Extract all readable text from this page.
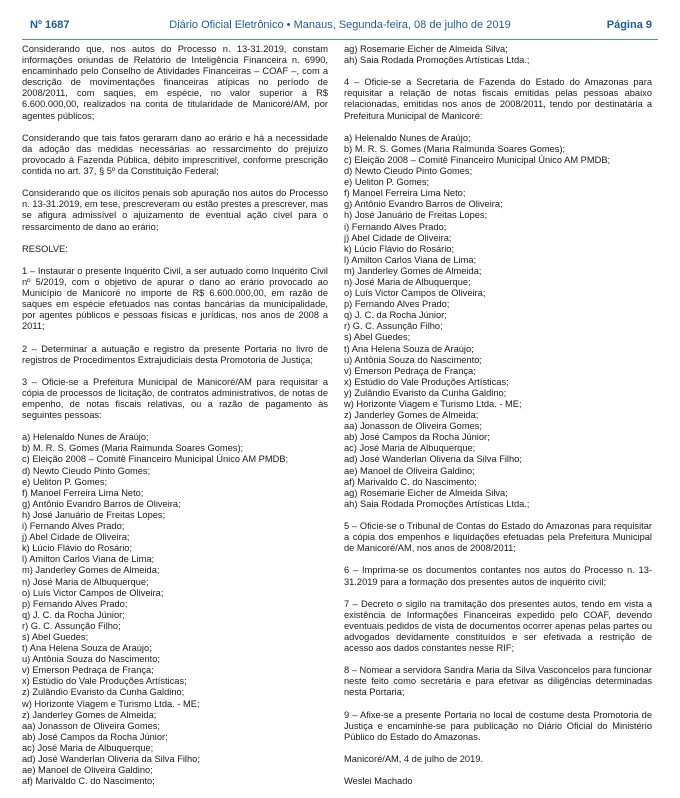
Diário Oficial Eletrônico • Manaus, Segunda-feira, 08 de julho de 2019
Nº 1687	Página 9

Considerando que, nos autos do Processo n. 13-31.2019, constam informações oriundas de Relatório de Inteligência Financeira n. 6990, encaminhado pelo Conselho de Atividades Financeiras – COAF –, com a descrição de movimentações financeiras atípicas no período de 2008/2011, com saques, em espécie, no valor superior a R$ 6.600.000,00, realizados na conta de titularidade de Manicoré/AM, por agentes públicos;

Considerando que tais fatos geraram dano ao erário e há a necessidade da adoção das medidas necessárias ao ressarcimento do prejuízo provocado à Fazenda Pública, débito imprescritível, conforme prescrição contida no art. 37, § 5º da Constituição Federal;

Considerando que os ilícitos penais sob apuração nos autos do Processo n. 13-31.2019, em tese, prescreveram ou estão prestes a prescrever, mas se afigura admissível o ajuizamento de eventual ação cível para o ressarcimento de dano ao erário;

RESOLVE:

1 – Instaurar o presente Inquérito Civil, a ser autuado como Inquérito Civil nº 5/2019, com o objetivo de apurar o dano ao erário provocado ao Município de Manicoré no importe de R$ 6.600.000,00, em razão de saques em espécie efetuados nas contas bancárias da municipalidade, por agentes públicos e pessoas físicas e jurídicas, nos anos de 2008 a 2011;

2 – Determinar a autuação e registro da presente Portaria no livro de registros de Procedimentos Extrajudiciais desta Promotoria de Justiça;

3 – Oficie-se a Prefeitura Municipal de Manicoré/AM para requisitar a cópia de processos de licitação, de contratos administrativos, de notas de empenho, de notas fiscais relativas, ou a razão de pagamento às seguintes pessoas:

a) Helenaldo Nunes de Araújo;
b) M. R. S. Gomes (Maria Raimunda Soares Gomes);
c) Eleição 2008 – Comitê Financeiro Municipal Único AM PMDB;
d) Newto Cieudo Pinto Gomes;
e) Ueliton P. Gomes;
f) Manoel Ferreira Lima Neto;
g) Antônio Evandro Barros de Oliveira;
h) José Januário de Freitas Lopes;
i) Fernando Alves Prado;
j) Abel Cidade de Oliveira;
k) Lúcio Flávio do Rosário;
l) Amilton Carlos Viana de Lima;
m) Janderley Gomes de Almeida;
n) José Maria de Albuquerque;
o) Luís Victor Campos de Oliveira;
p) Fernando Alves Prado;
q) J. C. da Rocha Júnior;
r) G. C. Assunção Filho;
s) Abel Guedes;
t) Ana Helena Souza de Araújo;
u) Antônia Souza do Nascimento;
v) Emerson Pedraça de França;
x) Estúdio do Vale Produções Artísticas;
z) Zulândio Evaristo da Cunha Galdino;
w) Horizonte Viagem e Turismo Ltda. - ME;
z) Janderley Gomes de Almeida;
aa) Jonasson de Oliveira Gomes;
ab) José Campos da Rocha Júnior;
ac) José Maria de Albuquerque;
ad) José Wanderlan Oliveria da Silva Filho;
ae) Manoel de Oliveira Galdino;
af) Marivaldo C. do Nascimento;
ag) Rosemarie Eicher de Almeida Silva;
ah) Saia Rodada Promoções Artísticas Ltda.;

4 – Oficie-se a Secretaria de Fazenda do Estado do Amazonas para requisitar a relação de notas fiscais emitidas pelas pessoas abaixo relacionadas, emitidas nos anos de 2008/2011, tendo por destinatária a Prefeitura Municipal de Manicoré:

a) Helenaldo Nunes de Araújo;
b) M. R. S. Gomes (Maria Raimunda Soares Gomes);
c) Eleição 2008 – Comitê Financeiro Municipal Único AM PMDB;
d) Newto Cieudo Pinto Gomes;
e) Ueliton P. Gomes;
f) Manoel Ferreira Lima Neto;
g) Antônio Evandro Barros de Oliveira;
h) José Januário de Freitas Lopes;
i) Fernando Alves Prado;
j) Abel Cidade de Oliveira;
k) Lúcio Flávio do Rosário;
l) Amilton Carlos Viana de Lima;
m) Janderley Gomes de Almeida;
n) José Maria de Albuquerque;
o) Luís Victor Campos de Oliveira;
p) Fernando Alves Prado;
q) J. C. da Rocha Júnior;
r) G. C. Assunção Filho;
s) Abel Guedes;
t) Ana Helena Souza de Araújo;
u) Antônia Souza do Nascimento;
v) Emerson Pedraça de França;
x) Estúdio do Vale Produções Artísticas;
y) Zulândio Evaristo da Cunha Galdino;
w) Horizonte Viagem e Turismo Ltda. - ME;
z) Janderley Gomes de Almeida;
aa) Jonasson de Oliveira Gomes;
ab) José Campos da Rocha Júnior;
ac) José Maria de Albuquerque;
ad) José Wanderlan Oliveria da Silva Filho;
ae) Manoel de Oliveira Galdino;
af) Marivaldo C. do Nascimento;
ag) Rosemarie Eicher de Almeida Silva;
ah) Saia Rodada Promoções Artísticas Ltda.;

5 – Oficie-se o Tribunal de Contas do Estado do Amazonas para requisitar a cópia dos empenhos e liquidações efetuadas pela Prefeitura Municipal de Manicoré/AM, nos anos de 2008/2011;

6 – Imprima-se os documentos contantes nos autos do Processo n. 13-31.2019 para a formação dos presentes autos de inquérito civil;

7 – Decreto o sigilo na tramitação dos presentes autos, tendo em vista a existência de Informações Financeiras expedido pelo COAF, devendo eventuais pedidos de vista de documentos ocorrer apenas pelas partes ou advogados devidamente constituídos e ser efetivada a restrição de acesso aos dados constantes nesse RIF;

8 – Nomear a servidora Sandra Maria da Silva Vasconcelos para funcionar neste feito como secretária e para efetivar as diligências determinadas nesta Portaria;

9 – Afixe-se a presente Portaria no local de costume desta Promotoria de Justiça e encaminhe-se para publicação no Diário Oficial do Ministério Público do Estado do Amazonas.

Manicoré/AM, 4 de julho de 2019.

Weslei Machado
